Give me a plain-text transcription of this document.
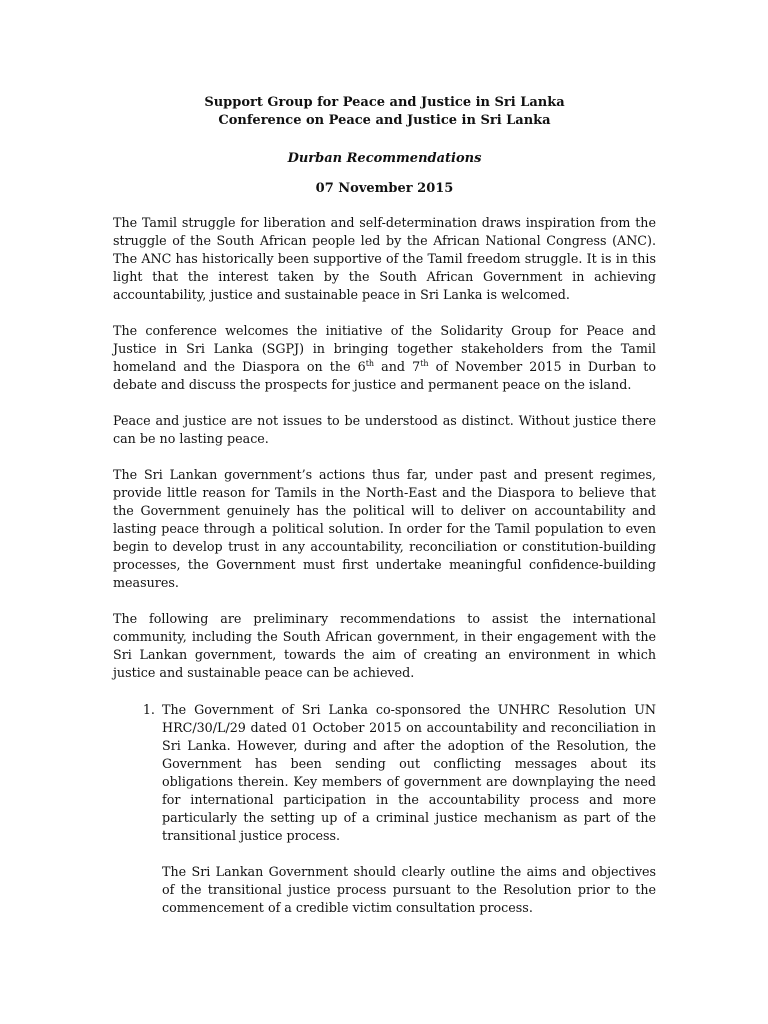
Support Group for Peace and Justice in Sri Lanka
Conference on Peace and Justice in Sri Lanka
Durban Recommendations
07 November 2015

The Tamil struggle for liberation and self-determination draws inspiration from the struggle of the South African people led by the African National Congress (ANC). The ANC has historically been supportive of the Tamil freedom struggle. It is in this light that the interest taken by the South African Government in achieving accountability, justice and sustainable peace in Sri Lanka is welcomed.

The conference welcomes the initiative of the Solidarity Group for Peace and Justice in Sri Lanka (SGPJ) in bringing together stakeholders from the Tamil homeland and the Diaspora on the 6th and 7th of November 2015 in Durban to debate and discuss the prospects for justice and permanent peace on the island.

Peace and justice are not issues to be understood as distinct. Without justice there can be no lasting peace.

The Sri Lankan government’s actions thus far, under past and present regimes, provide little reason for Tamils in the North-East and the Diaspora to believe that the Government genuinely has the political will to deliver on accountability and lasting peace through a political solution. In order for the Tamil population to even begin to develop trust in any accountability, reconciliation or constitution-building processes, the Government must first undertake meaningful confidence-building measures.

The following are preliminary recommendations to assist the international community, including the South African government, in their engagement with the Sri Lankan government, towards the aim of creating an environment in which justice and sustainable peace can be achieved.

1. The Government of Sri Lanka co-sponsored the UNHRC Resolution UN HRC/30/L/29 dated 01 October 2015 on accountability and reconciliation in Sri Lanka. However, during and after the adoption of the Resolution, the Government has been sending out conflicting messages about its obligations therein. Key members of government are downplaying the need for international participation in the accountability process and more particularly the setting up of a criminal justice mechanism as part of the transitional justice process.

The Sri Lankan Government should clearly outline the aims and objectives of the transitional justice process pursuant to the Resolution prior to the commencement of a credible victim consultation process.
